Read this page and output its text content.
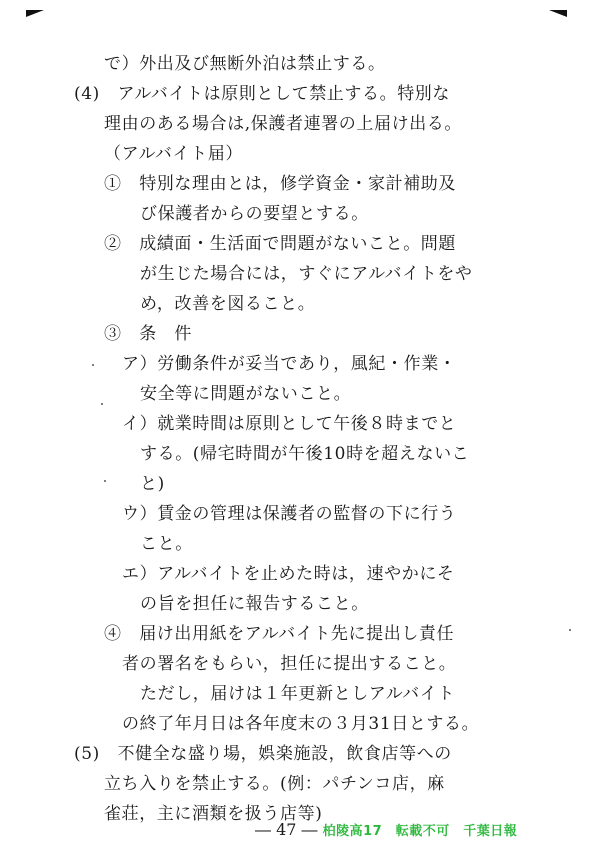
で）外出及び無断外泊は禁止する。
(4)　アルバイトは原則として禁止する。特別な
理由のある場合は,保護者連署の上届け出る。
（アルバイト届）
①　特別な理由とは，修学資金・家計補助及
び保護者からの要望とする。
②　成績面・生活面で問題がないこと。問題
が生じた場合には，すぐにアルバイトをや
め，改善を図ること。
③　条　件
ア）労働条件が妥当であり，風紀・作業・
安全等に問題がないこと。
イ）就業時間は原則として午後８時までと
する。(帰宅時間が午後10時を超えないこ
と)
ウ）賃金の管理は保護者の監督の下に行う
こと。
エ）アルバイトを止めた時は，速やかにそ
の旨を担任に報告すること。
④　届け出用紙をアルバイト先に提出し責任
者の署名をもらい，担任に提出すること。
ただし，届けは１年更新としアルバイト
の終了年月日は各年度末の３月31日とする。
(5)　不健全な盛り場，娯楽施設，飲食店等への
立ち入りを禁止する。(例：パチンコ店，麻
雀荘，主に酒類を扱う店等)
― 47 ― 柏陵高17　転載不可　千葉日報
